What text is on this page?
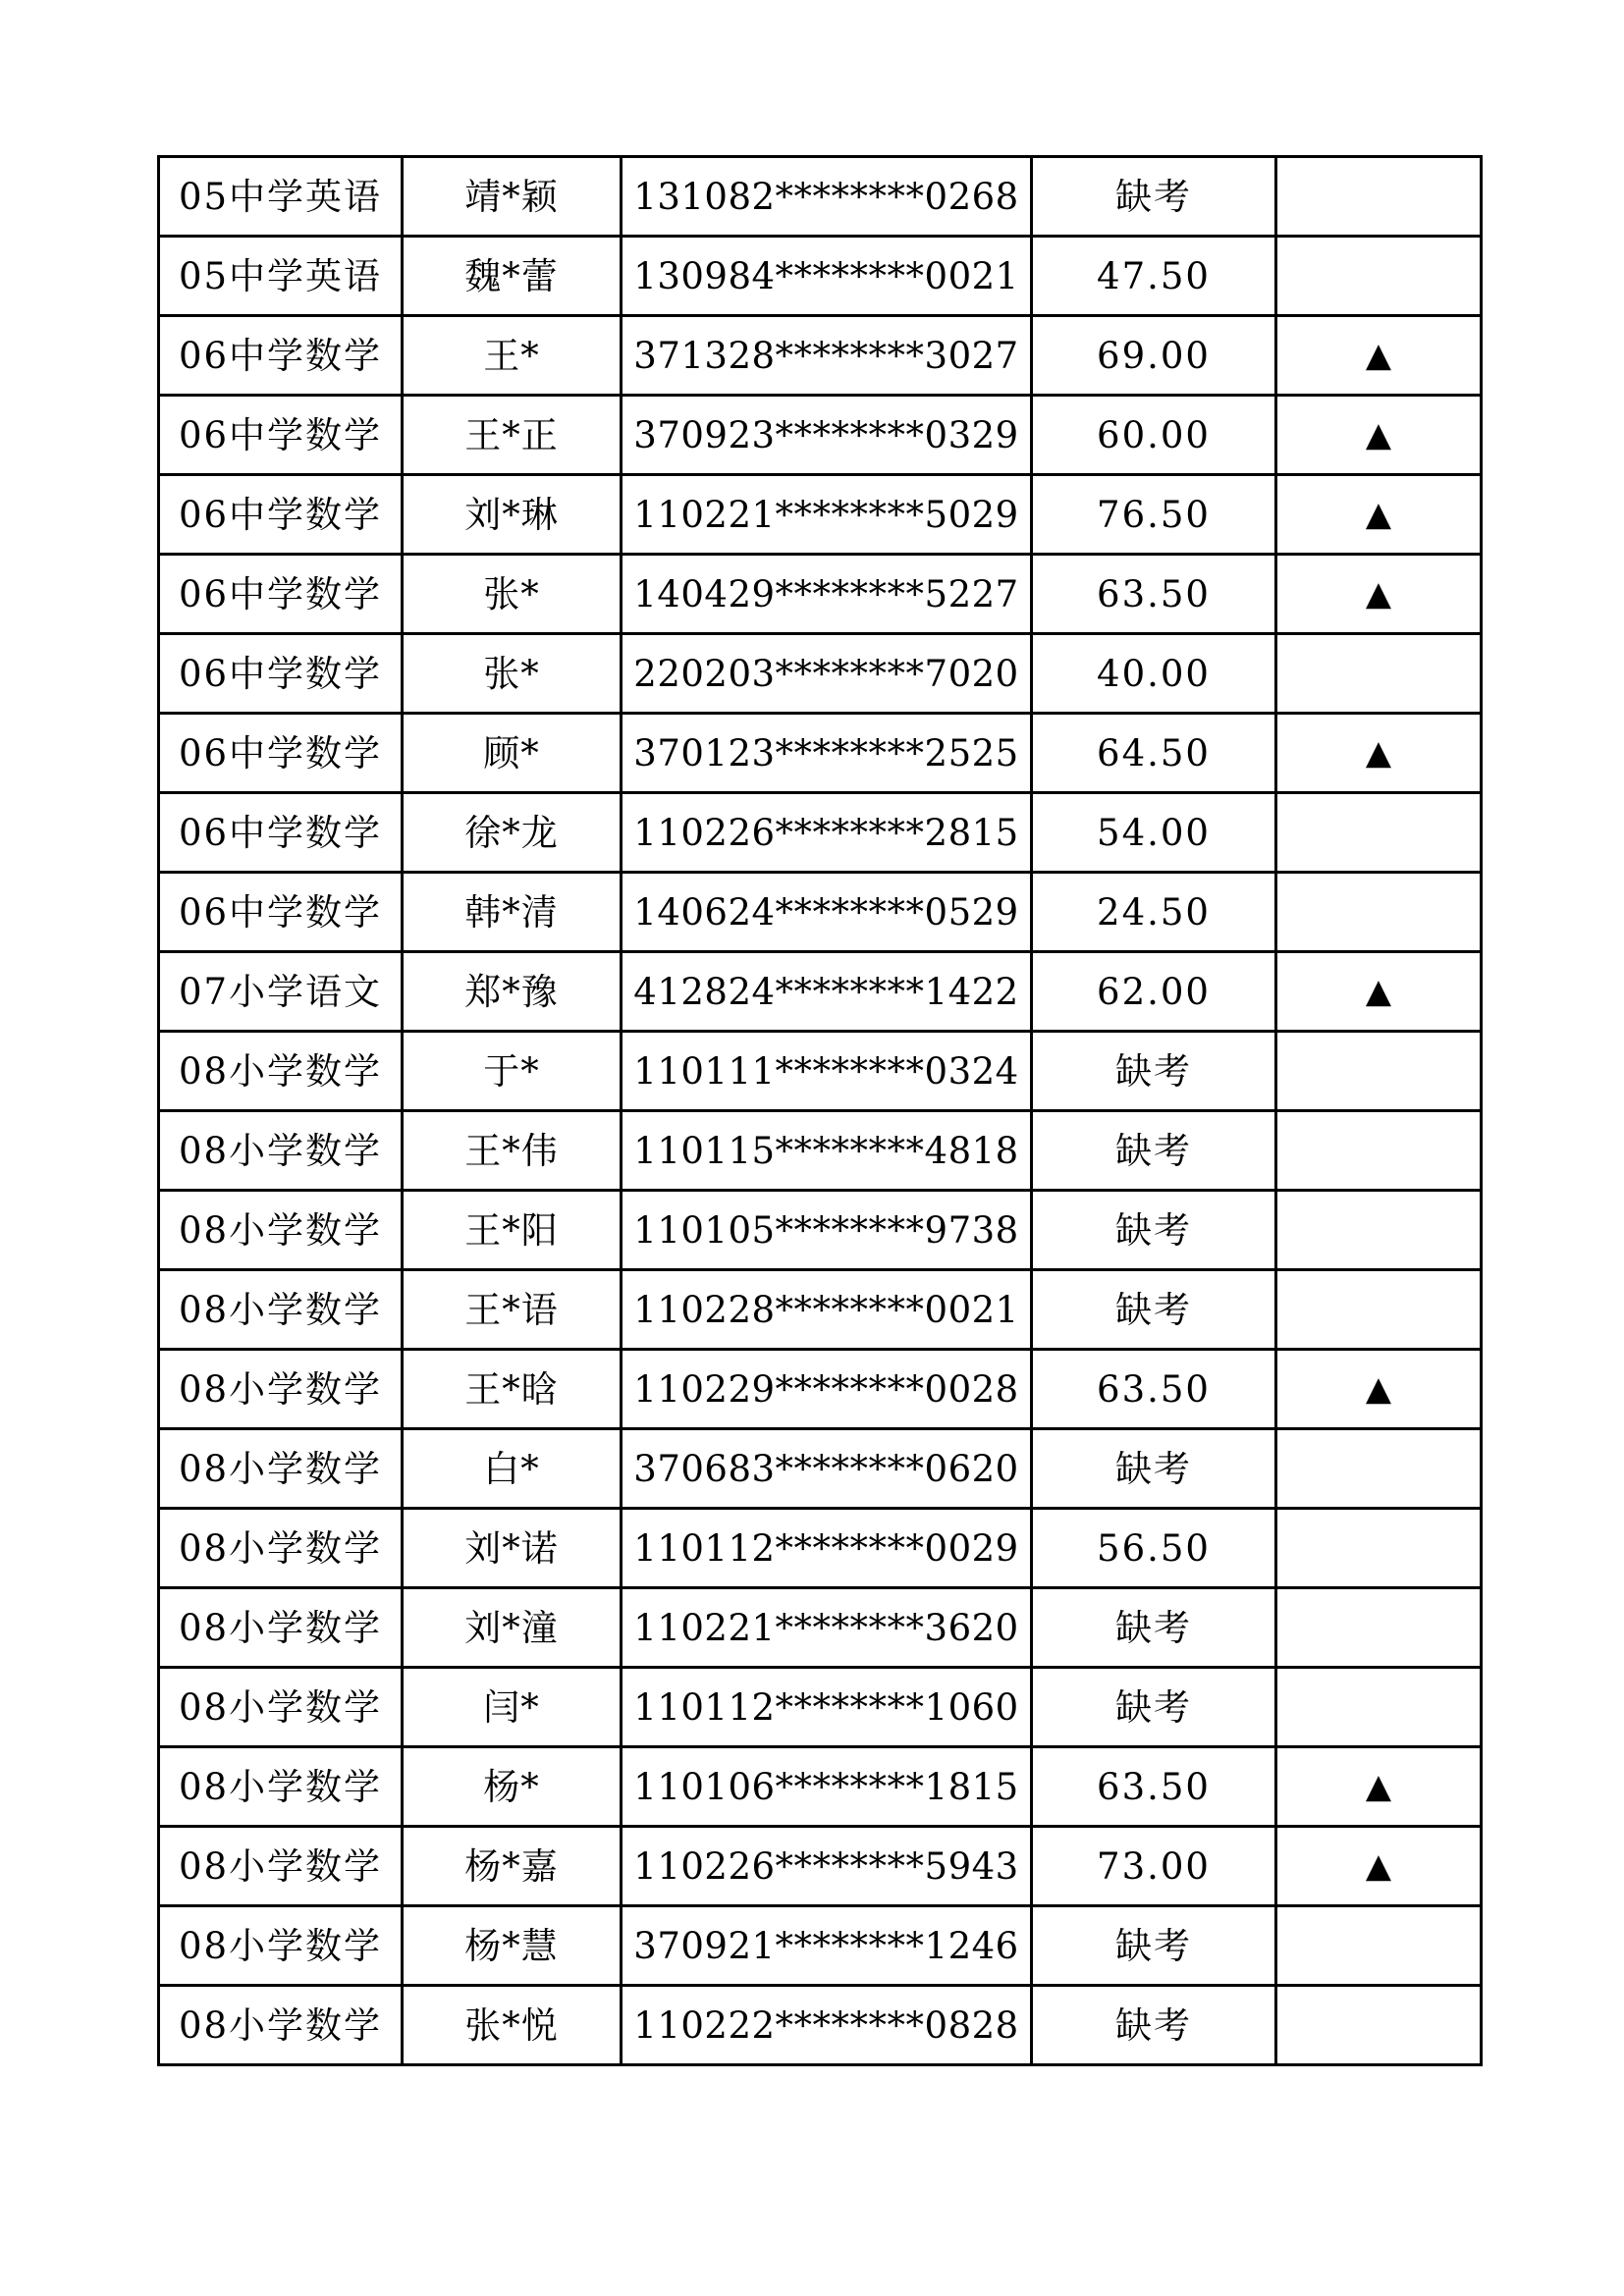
05中学英语	靖*颖	131082********0268	缺考	
05中学英语	魏*蕾	130984********0021	47.50	
06中学数学	王*	371328********3027	69.00	▲
06中学数学	王*正	370923********0329	60.00	▲
06中学数学	刘*琳	110221********5029	76.50	▲
06中学数学	张*	140429********5227	63.50	▲
06中学数学	张*	220203********7020	40.00	
06中学数学	顾*	370123********2525	64.50	▲
06中学数学	徐*龙	110226********2815	54.00	
06中学数学	韩*清	140624********0529	24.50	
07小学语文	郑*豫	412824********1422	62.00	▲
08小学数学	于*	110111********0324	缺考	
08小学数学	王*伟	110115********4818	缺考	
08小学数学	王*阳	110105********9738	缺考	
08小学数学	王*语	110228********0021	缺考	
08小学数学	王*晗	110229********0028	63.50	▲
08小学数学	白*	370683********0620	缺考	
08小学数学	刘*诺	110112********0029	56.50	
08小学数学	刘*潼	110221********3620	缺考	
08小学数学	闫*	110112********1060	缺考	
08小学数学	杨*	110106********1815	63.50	▲
08小学数学	杨*嘉	110226********5943	73.00	▲
08小学数学	杨*慧	370921********1246	缺考	
08小学数学	张*悦	110222********0828	缺考	
